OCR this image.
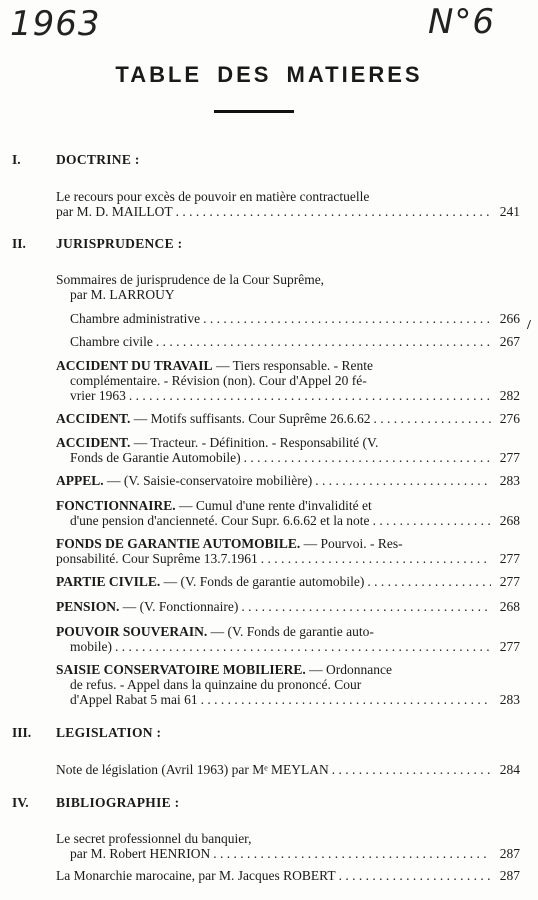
1963	N°6
TABLE DES MATIERES
/
I.	DOCTRINE :
Le recours pour excès de pouvoir en matière contractuelle
par M. D. MAILLOT . . .	241
II. JURISPRUDENCE :
Sommaires de jurisprudence de la Cour Suprême,
par M. LARROUY
Chambre administrative . . .	266
Chambre civile . . .	267
ACCIDENT DU TRAVAIL — Tiers responsable. - Rente
complémentaire. - Révision (non). Cour d'Appel 20 fé-
vrier 1963 . . .	282
ACCIDENT. — Motifs suffisants. Cour Suprême 26.6.62 . . .	276
ACCIDENT. — Tracteur. - Définition. - Responsabilité (V.
Fonds de Garantie Automobile) . . .	277
APPEL. — (V. Saisie-conservatoire mobilière) . . .	283
FONCTIONNAIRE. — Cumul d'une rente d'invalidité et
d'une pension d'ancienneté. Cour Supr. 6.6.62 et la note . . .	268
FONDS DE GARANTIE AUTOMOBILE. — Pourvoi. - Res-
ponsabilité. Cour Suprême 13.7.1961 . . .	277
PARTIE CIVILE. — (V. Fonds de garantie automobile) . . .	277
PENSION. — (V. Fonctionnaire) . . .	268
POUVOIR SOUVERAIN. — (V. Fonds de garantie auto-
mobile) . . .	277
SAISIE CONSERVATOIRE MOBILIERE. — Ordonnance
de refus. - Appel dans la quinzaine du prononcé. Cour
d'Appel Rabat 5 mai 61 . . .	283
III. LEGISLATION :
Note de législation (Avril 1963) par Mᵉ MEYLAN . . .	284
IV. BIBLIOGRAPHIE :
Le secret professionnel du banquier,
par M. Robert HENRION . . .	287
La Monarchie marocaine, par M. Jacques ROBERT . . .	287
